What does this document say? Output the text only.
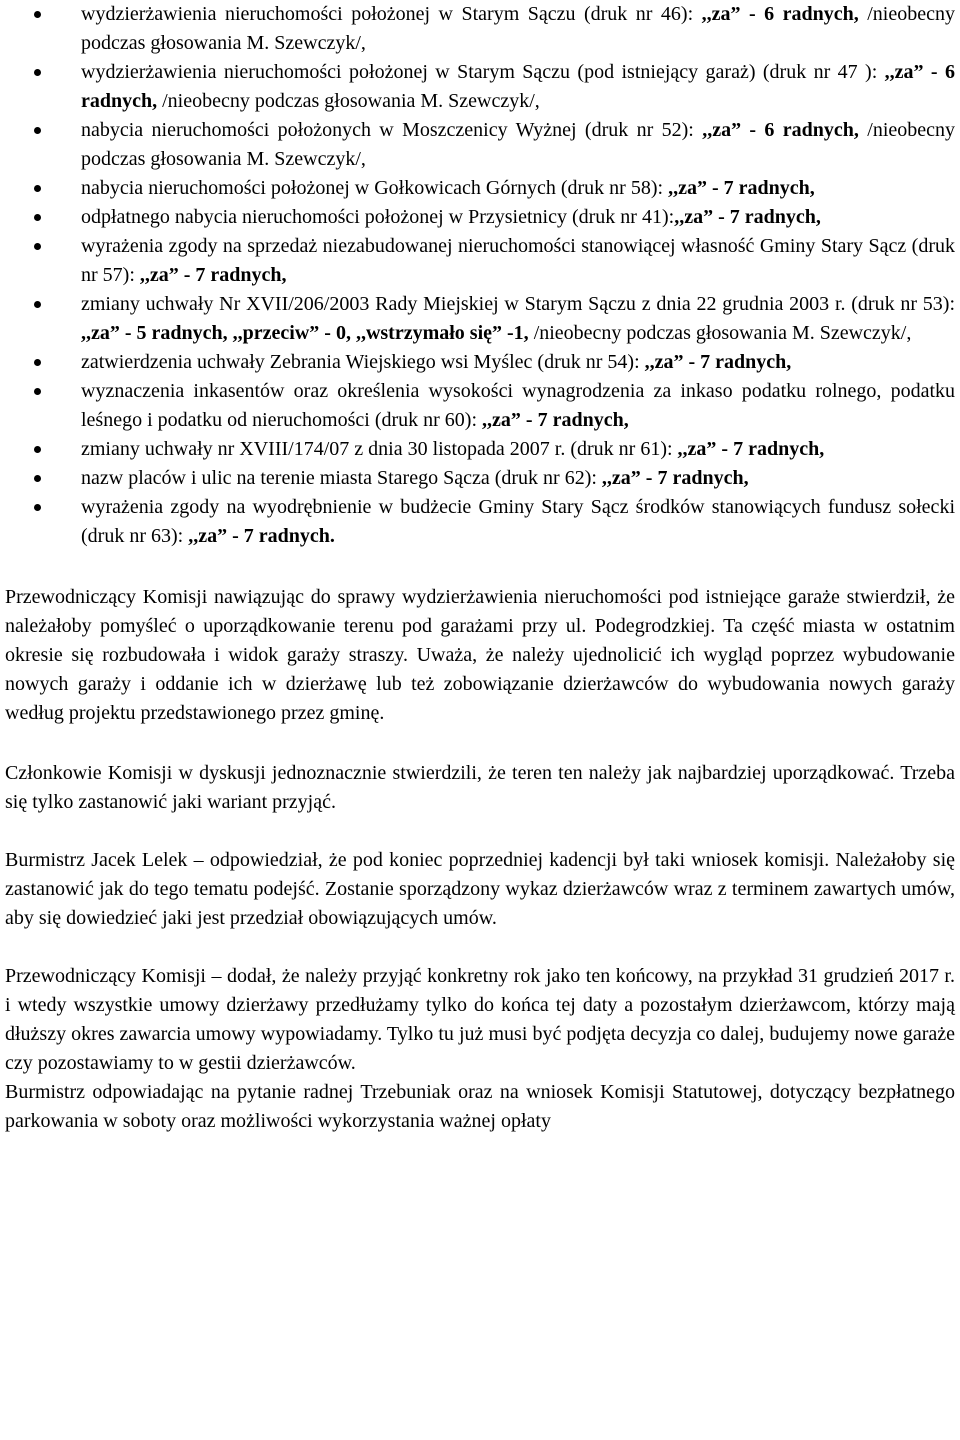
wydzierżawienia nieruchomości położonej w Starym Sączu (druk nr 46): ,,za” - 6 radnych, /nieobecny podczas głosowania M. Szewczyk/,
wydzierżawienia nieruchomości położonej w Starym Sączu (pod istniejący garaż) (druk nr 47 ): ,,za” - 6 radnych, /nieobecny podczas głosowania M. Szewczyk/,
nabycia nieruchomości położonych w Moszczenicy Wyżnej (druk nr 52): ,,za” - 6 radnych, /nieobecny podczas głosowania M. Szewczyk/,
nabycia nieruchomości położonej w Gołkowicach Górnych (druk nr 58): ,,za” - 7 radnych,
odpłatnego nabycia nieruchomości położonej w Przysietnicy (druk nr 41):,,za” - 7 radnych,
wyrażenia zgody na sprzedaż niezabudowanej nieruchomości stanowiącej własność Gminy Stary Sącz (druk nr 57): ,,za” - 7 radnych,
zmiany uchwały Nr XVII/206/2003 Rady Miejskiej w Starym Sączu z dnia 22 grudnia 2003 r. (druk nr 53): ,,za” - 5 radnych, ,,przeciw” - 0, ,,wstrzymało się” -1, /nieobecny podczas głosowania M. Szewczyk/,
zatwierdzenia uchwały Zebrania Wiejskiego wsi Myślec (druk nr 54): ,,za” - 7 radnych,
wyznaczenia inkasentów oraz określenia wysokości wynagrodzenia za inkaso podatku rolnego, podatku leśnego i podatku od nieruchomości (druk nr 60): ,,za” - 7 radnych,
zmiany uchwały nr XVIII/174/07 z dnia 30 listopada 2007 r. (druk nr 61): ,,za” - 7 radnych,
nazw placów i ulic na terenie miasta Starego Sącza (druk nr 62): ,,za” - 7 radnych,
wyrażenia zgody na wyodrębnienie w budżecie Gminy Stary Sącz środków stanowiących fundusz sołecki (druk nr 63): ,,za” - 7 radnych.

Przewodniczący Komisji nawiązując do sprawy wydzierżawienia nieruchomości pod istniejące garaże stwierdził, że należałoby pomyśleć o uporządkowanie terenu pod garażami przy ul. Podegrodzkiej. Ta część miasta w ostatnim okresie się rozbudowała i widok garaży straszy. Uważa, że należy ujednolicić ich wygląd poprzez wybudowanie nowych garaży i oddanie ich w dzierżawę lub też zobowiązanie dzierżawców do wybudowania nowych garaży według projektu przedstawionego przez gminę.

Członkowie Komisji w dyskusji jednoznacznie stwierdzili, że teren ten należy jak najbardziej uporządkować. Trzeba się tylko zastanowić jaki wariant przyjąć.

Burmistrz Jacek Lelek – odpowiedział, że pod koniec poprzedniej kadencji był taki wniosek komisji. Należałoby się zastanowić jak do tego tematu podejść. Zostanie sporządzony wykaz dzierżawców wraz z terminem zawartych umów, aby się dowiedzieć jaki jest przedział obowiązujących umów.

Przewodniczący Komisji – dodał, że należy przyjąć konkretny rok jako ten końcowy, na przykład 31 grudzień 2017 r. i wtedy wszystkie umowy dzierżawy przedłużamy tylko do końca tej daty a pozostałym dzierżawcom, którzy mają dłuższy okres zawarcia umowy wypowiadamy. Tylko tu już musi być podjęta decyzja co dalej, budujemy nowe garaże czy pozostawiamy to w gestii dzierżawców.

Burmistrz odpowiadając na pytanie radnej Trzebuniak oraz na wniosek Komisji Statutowej, dotyczący bezpłatnego parkowania w soboty oraz możliwości wykorzystania ważnej opłaty
